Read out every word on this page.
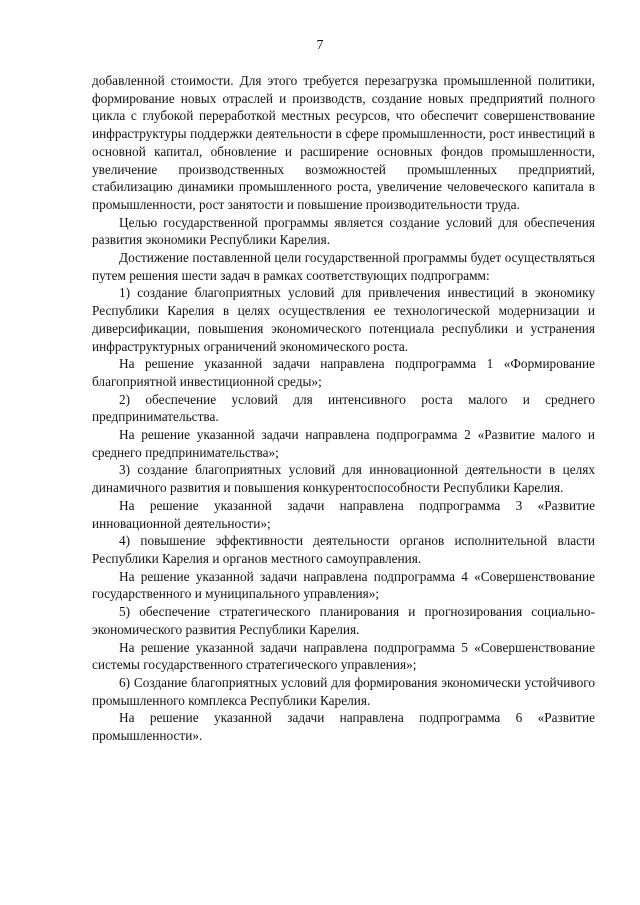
7

добавленной стоимости. Для этого требуется перезагрузка промышленной политики, формирование новых отраслей и производств, создание новых предприятий полного цикла с глубокой переработкой местных ресурсов, что обеспечит совершенствование инфраструктуры поддержки деятельности в сфере промышленности, рост инвестиций в основной капитал, обновление и расширение основных фондов промышленности, увеличение производственных возможностей промышленных предприятий, стабилизацию динамики промышленного роста, увеличение человеческого капитала в промышленности, рост занятости и повышение производительности труда.

Целью государственной программы является создание условий для обеспечения развития экономики Республики Карелия.

Достижение поставленной цели государственной программы будет осуществляться путем решения шести задач в рамках соответствующих подпрограмм:

1) создание благоприятных условий для привлечения инвестиций в экономику Республики Карелия в целях осуществления ее технологической модернизации и диверсификации, повышения экономического потенциала республики и устранения инфраструктурных ограничений экономического роста.

На решение указанной задачи направлена подпрограмма 1 «Формирование благоприятной инвестиционной среды»;

2) обеспечение условий для интенсивного роста малого и среднего предпринимательства.

На решение указанной задачи направлена подпрограмма 2 «Развитие малого и среднего предпринимательства»;

3) создание благоприятных условий для инновационной деятельности в целях динамичного развития и повышения конкурентоспособности Республики Карелия.

На решение указанной задачи направлена подпрограмма 3 «Развитие инновационной деятельности»;

4) повышение эффективности деятельности органов исполнительной власти Республики Карелия и органов местного самоуправления.

На решение указанной задачи направлена подпрограмма 4 «Совершенствование государственного и муниципального управления»;

5) обеспечение стратегического планирования и прогнозирования социально-экономического развития Республики Карелия.

На решение указанной задачи направлена подпрограмма 5 «Совершенствование системы государственного стратегического управления»;

6) Создание благоприятных условий для формирования экономически устойчивого промышленного комплекса Республики Карелия.

На решение указанной задачи направлена подпрограмма 6 «Развитие промышленности».
